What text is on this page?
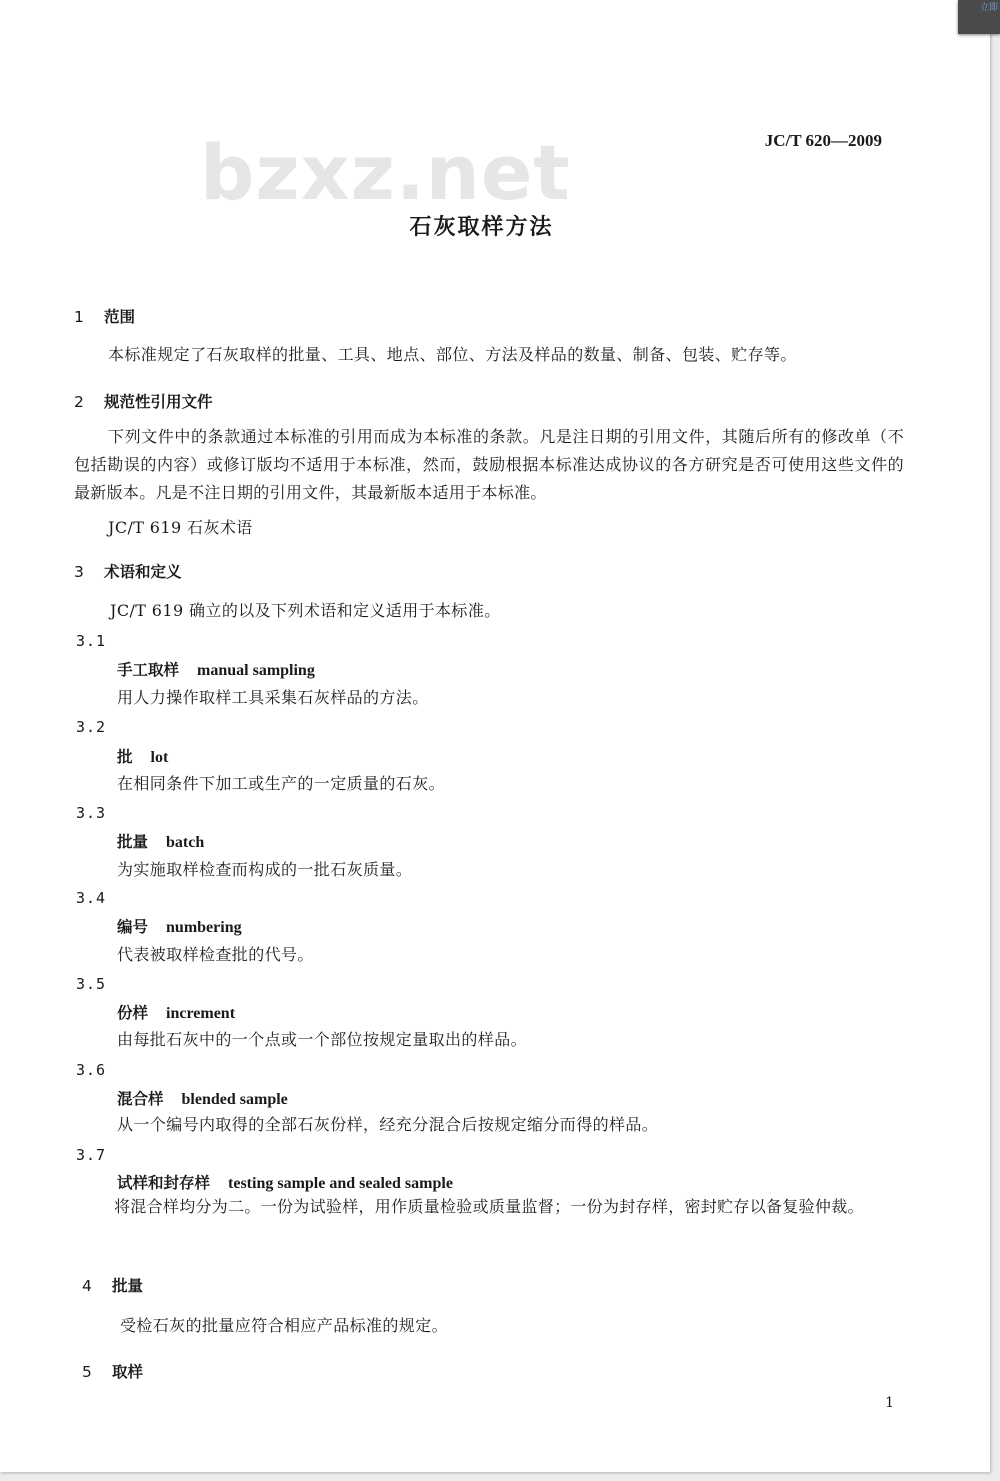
bzxz.net	JC/T 620—2009
石灰取样方法
1 范围
本标准规定了石灰取样的批量、工具、地点、部位、方法及样品的数量、制备、包装、贮存等。
2 规范性引用文件
下列文件中的条款通过本标准的引用而成为本标准的条款。凡是注日期的引用文件，其随后所有的修改单（不包括勘误的内容）或修订版均不适用于本标准，然而，鼓励根据本标准达成协议的各方研究是否可使用这些文件的最新版本。凡是不注日期的引用文件，其最新版本适用于本标准。
JC/T 619 石灰术语
3 术语和定义
JC/T 619 确立的以及下列术语和定义适用于本标准。
3.1
手工取样 manual sampling
用人力操作取样工具采集石灰样品的方法。
3.2
批 lot
在相同条件下加工或生产的一定质量的石灰。
3.3
批量 batch
为实施取样检查而构成的一批石灰质量。
3.4
编号 numbering
代表被取样检查批的代号。
3.5
份样 increment
由每批石灰中的一个点或一个部位按规定量取出的样品。
3.6
混合样 blended sample
从一个编号内取得的全部石灰份样，经充分混合后按规定缩分而得的样品。
3.7
试样和封存样 testing sample and sealed sample
将混合样均分为二。一份为试验样，用作质量检验或质量监督；一份为封存样，密封贮存以备复验仲裁。
4 批量
受检石灰的批量应符合相应产品标准的规定。
5 取样
1
立即
